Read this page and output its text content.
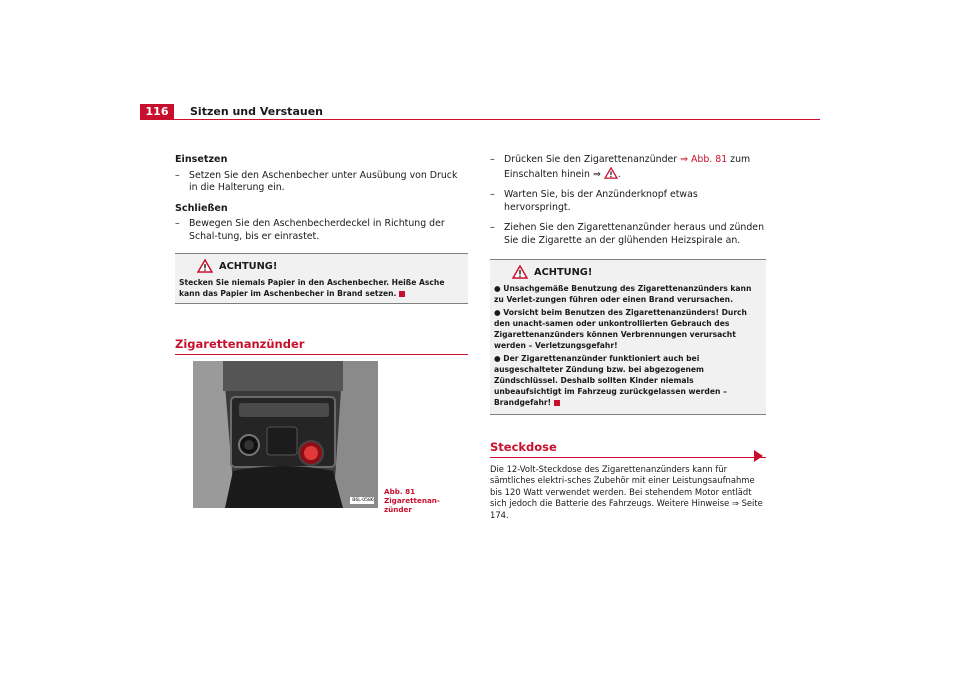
116	Sitzen und Verstauen

Einsetzen

– Setzen Sie den Aschenbecher unter Ausübung von Druck in die Halterung ein.

Schließen

– Bewegen Sie den Aschenbecherdeckel in Richtung der Schal-tung, bis er einrastet.
ACHTUNG!
Stecken Sie niemals Papier in den Aschenbecher. Heiße Asche kann das Papier im Aschenbecher in Brand setzen.

Zigarettenanzünder

B6L-0586
Abb. 81   Zigarettenan-zünder
– Drücken Sie den Zigarettenanzünder ⇒ Abb. 81 zum Einschalten hinein ⇒ .
– Warten Sie, bis der Anzünderknopf etwas hervorspringt.
– Ziehen Sie den Zigarettenanzünder heraus und zünden Sie die Zigarette an der glühenden Heizspirale an.
ACHTUNG!
● Unsachgemäße Benutzung des Zigarettenanzünders kann zu Verlet-zungen führen oder einen Brand verursachen.
● Vorsicht beim Benutzen des Zigarettenanzünders! Durch den unacht-samen oder unkontrollierten Gebrauch des Zigarettenanzünders können Verbrennungen verursacht werden – Verletzungsgefahr!
● Der Zigarettenanzünder funktioniert auch bei ausgeschalteter Zündung bzw. bei abgezogenem Zündschlüssel. Deshalb sollten Kinder niemals unbeaufsichtigt im Fahrzeug zurückgelassen werden – Brandgefahr!

Steckdose

Die 12-Volt-Steckdose des Zigarettenanzünders kann für sämtliches elektri-sches Zubehör mit einer Leistungsaufnahme bis 120 Watt verwendet werden. Bei stehendem Motor entlädt sich jedoch die Batterie des Fahrzeugs. Weitere Hinweise ⇒ Seite 174.
